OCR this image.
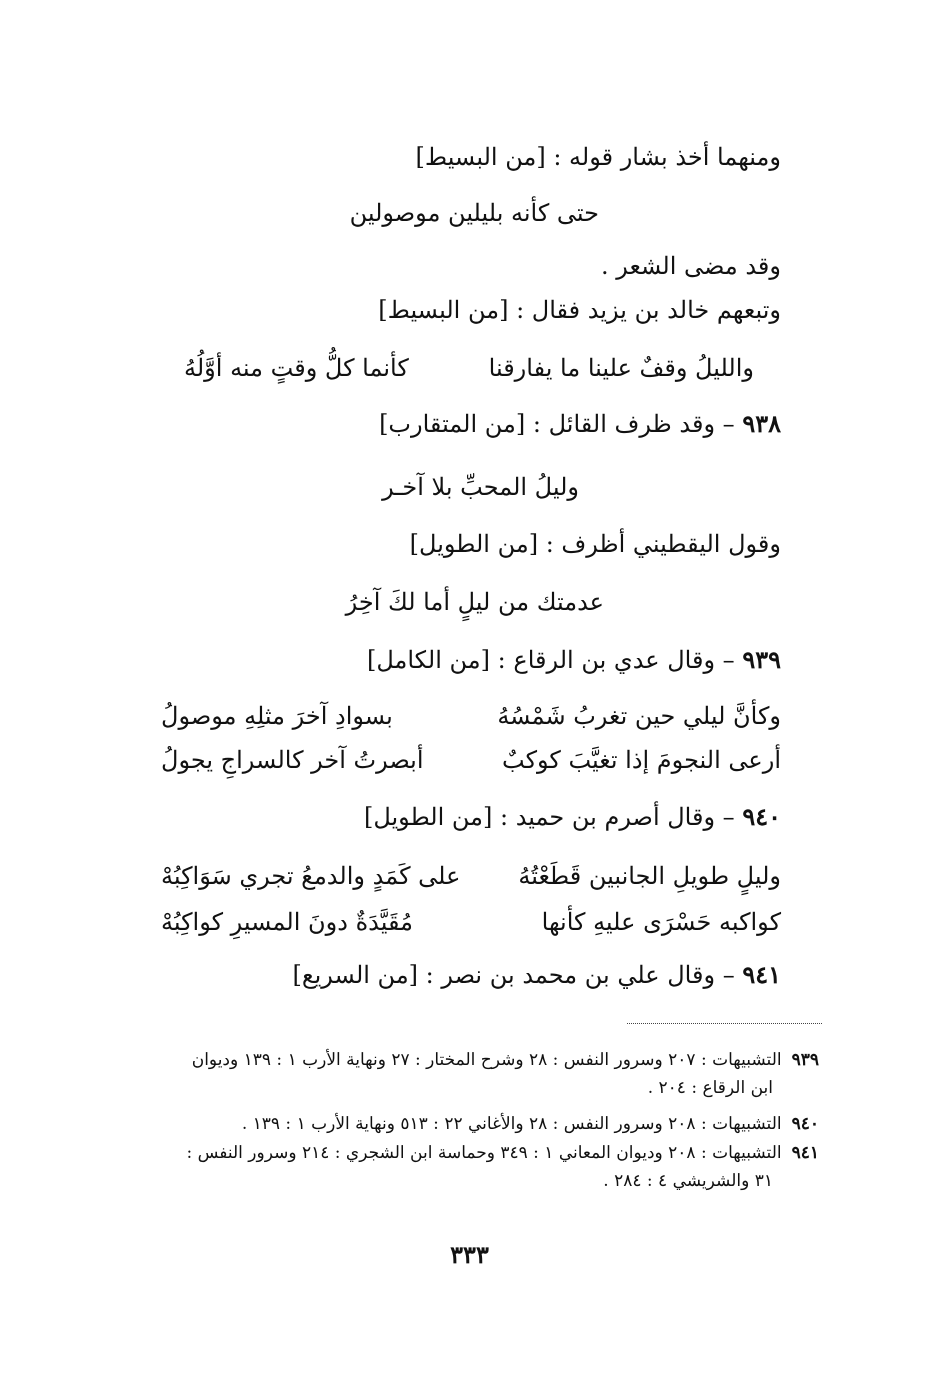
ومنهما أخذ بشار قوله : [من البسيط]
حتى كأنه بليلين موصولين
وقد مضى الشعر .
وتبعهم خالد بن يزيد فقال : [من البسيط]
والليلُ وقفٌ علينا ما يفارقنا
كأنما كلُّ وقتٍ منه أوَّلُهُ
٩٣٨ – وقد ظرف القائل : [من المتقارب]
وليلُ المحبِّ بلا آخـر
وقول اليقطيني أظرف : [من الطويل]
عدمتك من ليلٍ أما لكَ آخِرُ
٩٣٩ – وقال عدي بن الرقاع : [من الكامل]
وكأنَّ ليلي حين تغربُ شَمْسُهُ
بسوادِ آخرَ مثلِهِ موصولُ
أرعى النجومَ إذا تغيَّبَ كوكبٌ
أبصرتُ آخر كالسراجِ يجولُ
٩٤٠ – وقال أصرم بن حميد : [من الطويل]
وليلٍ طويلِ الجانبين قَطَعْتُهُ
على كَمَدٍ والدمعُ تجري سَوَاكِبُهْ
كواكبه حَسْرَى عليهِ كأنها
مُقَيَّدَةٌ دونَ المسيرِ كواكِبُهْ
٩٤١ – وقال علي بن محمد بن نصر : [من السريع]
٩٣٩التشبيهات : ٢٠٧ وسرور النفس : ٢٨ وشرح المختار : ٢٧ ونهاية الأرب ١ : ١٣٩ وديوان
ابن الرقاع : ٢٠٤ .
٩٤٠التشبيهات : ٢٠٨ وسرور النفس : ٢٨ والأغاني ٢٢ : ٥١٣ ونهاية الأرب ١ : ١٣٩ .
٩٤١التشبيهات : ٢٠٨ وديوان المعاني ١ : ٣٤٩ وحماسة ابن الشجري : ٢١٤ وسرور النفس :
٣١ والشريشي ٤ : ٢٨٤ .
٣٣٣
